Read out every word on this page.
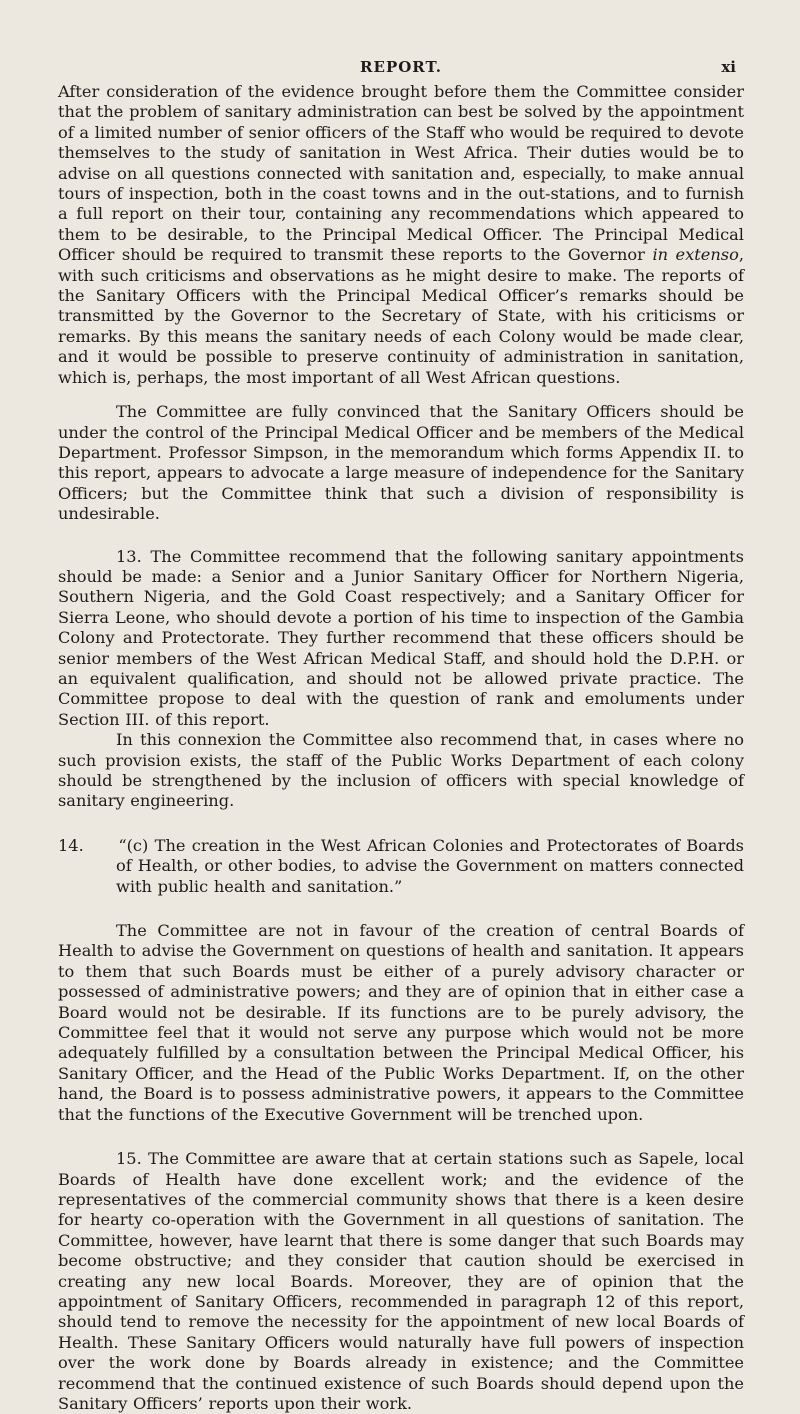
REPORT.	xi

After consideration of the evidence brought before them the Committee consider that the problem of sanitary administration can best be solved by the appointment of a limited number of senior officers of the Staff who would be required to devote themselves to the study of sanitation in West Africa. Their duties would be to advise on all questions connected with sanitation and, especially, to make annual tours of inspection, both in the coast towns and in the out-stations, and to furnish a full report on their tour, containing any recommendations which appeared to them to be desirable, to the Principal Medical Officer. The Principal Medical Officer should be required to transmit these reports to the Governor in extenso, with such criticisms and observations as he might desire to make. The reports of the Sanitary Officers with the Principal Medical Officer’s remarks should be transmitted by the Governor to the Secretary of State, with his criticisms or remarks. By this means the sanitary needs of each Colony would be made clear, and it would be possible to preserve continuity of administration in sanitation, which is, perhaps, the most important of all West African questions.

The Committee are fully convinced that the Sanitary Officers should be under the control of the Principal Medical Officer and be members of the Medical Department. Professor Simpson, in the memorandum which forms Appendix II. to this report, appears to advocate a large measure of independence for the Sanitary Officers; but the Committee think that such a division of responsibility is undesirable.

13. The Committee recommend that the following sanitary appointments should be made: a Senior and a Junior Sanitary Officer for Northern Nigeria, Southern Nigeria, and the Gold Coast respectively; and a Sanitary Officer for Sierra Leone, who should devote a portion of his time to inspection of the Gambia Colony and Protectorate. They further recommend that these officers should be senior members of the West African Medical Staff, and should hold the D.P.H. or an equivalent qualification, and should not be allowed private practice. The Committee propose to deal with the question of rank and emoluments under Section III. of this report.

In this connexion the Committee also recommend that, in cases where no such provision exists, the staff of the Public Works Department of each colony should be strengthened by the inclusion of officers with special knowledge of sanitary engineering.

14. “(c) The creation in the West African Colonies and Protectorates of Boards of Health, or other bodies, to advise the Government on matters connected with public health and sanitation.”

The Committee are not in favour of the creation of central Boards of Health to advise the Government on questions of health and sanitation. It appears to them that such Boards must be either of a purely advisory character or possessed of administrative powers; and they are of opinion that in either case a Board would not be desirable. If its functions are to be purely advisory, the Committee feel that it would not serve any purpose which would not be more adequately fulfilled by a consultation between the Principal Medical Officer, his Sanitary Officer, and the Head of the Public Works Department. If, on the other hand, the Board is to possess administrative powers, it appears to the Committee that the functions of the Executive Government will be trenched upon.

15. The Committee are aware that at certain stations such as Sapele, local Boards of Health have done excellent work; and the evidence of the representatives of the commercial community shows that there is a keen desire for hearty co-operation with the Government in all questions of sanitation. The Committee, however, have learnt that there is some danger that such Boards may become obstructive; and they consider that caution should be exercised in creating any new local Boards. Moreover, they are of opinion that the appointment of Sanitary Officers, recommended in paragraph 12 of this report, should tend to remove the necessity for the appointment of new local Boards of Health. These Sanitary Officers would naturally have full powers of inspection over the work done by Boards already in existence; and the Committee recommend that the continued existence of such Boards should depend upon the Sanitary Officers’ reports upon their work.
